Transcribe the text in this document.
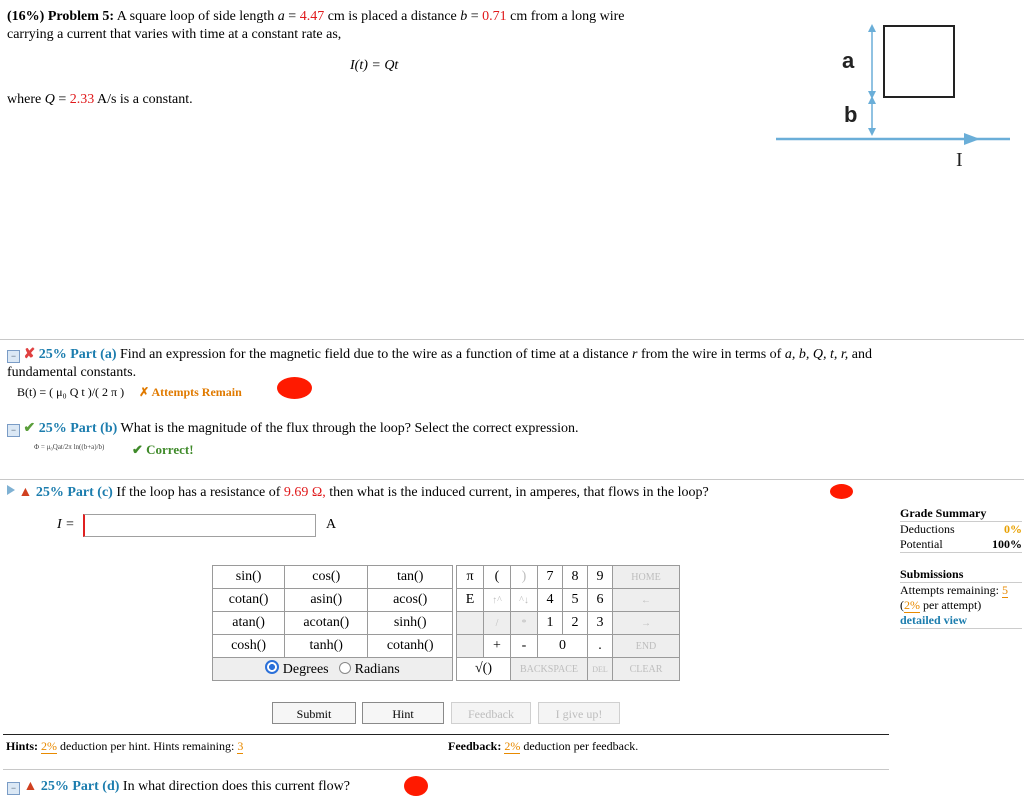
(16%) Problem 5: A square loop of side length a = 4.47 cm is placed a distance b = 0.71 cm from a long wire
carrying a current that varies with time at a constant rate as,
I(t) = Qt
where Q = 2.33 A/s is a constant.
a
b
I
− ✘ 25% Part (a) Find an expression for the magnetic field due to the wire as a function of time at a distance r from the wire in terms of a, b, Q, t, r, and
fundamental constants.
B(t) = ( μ₀ Q t )/( 2 π ) ✗ Attempts Remain
− ✔ 25% Part (b) What is the magnitude of the flux through the loop? Select the correct expression.
Φ = μ₀Qat/2π ln((b+a)/b) ✔ Correct!
▲ 25% Part (c) If the loop has a resistance of 9.69 Ω, then what is the induced current, in amperes, that flows in the loop?
I =	A
sin()	cos()	tan()
cotan()	asin()	acos()
atan()	acotan()	sinh()
cosh()	tanh()	cotanh()
Degrees Radians		
π	(	)	7	8	9	HOME
E	↑^	^↓	4	5	6	←
	/	*	1	2	3	→
	+	-	0		.	END
√()		BACKSPACE			DEL	CLEAR
Submit	Hint	Feedback	I give up!
Hints: 2% deduction per hint. Hints remaining: 3	Feedback: 2% deduction per feedback.
− ▲ 25% Part (d) In what direction does this current flow?
Grade Summary
Deductions	0%
Potential	100%
Submissions
Attempts remaining: 5
(2% per attempt)
detailed view
